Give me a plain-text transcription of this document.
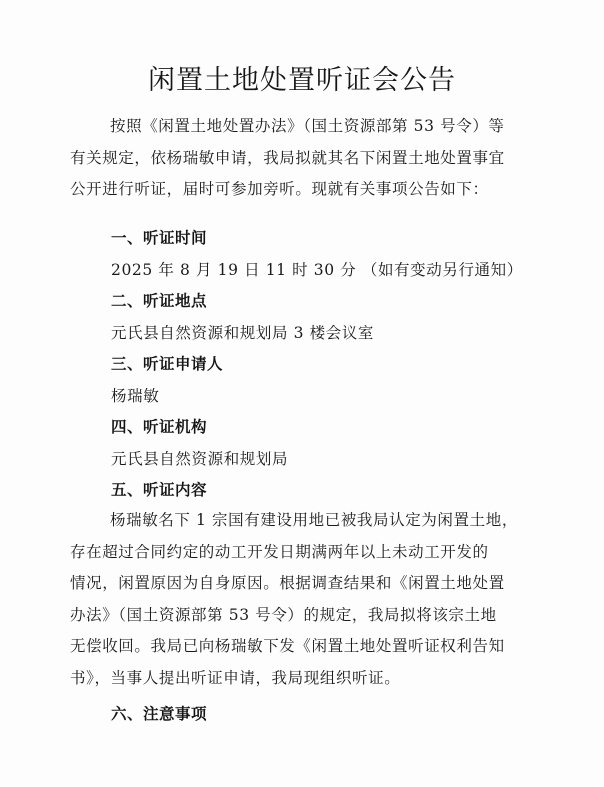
闲置土地处置听证会公告
按照《闲置土地处置办法》（国土资源部第 53 号令）等
有关规定，依杨瑞敏申请，我局拟就其名下闲置土地处置事宜
公开进行听证，届时可参加旁听。现就有关事项公告如下：
一、听证时间
2025 年 8 月 19 日 11 时 30 分 （如有变动另行通知）
二、听证地点
元氏县自然资源和规划局 3 楼会议室
三、听证申请人
杨瑞敏
四、听证机构
元氏县自然资源和规划局
五、听证内容
杨瑞敏名下 1 宗国有建设用地已被我局认定为闲置土地，
存在超过合同约定的动工开发日期满两年以上未动工开发的
情况，闲置原因为自身原因。根据调查结果和《闲置土地处置
办法》（国土资源部第 53 号令）的规定，我局拟将该宗土地
无偿收回。我局已向杨瑞敏下发《闲置土地处置听证权利告知
书》，当事人提出听证申请，我局现组织听证。
六、注意事项
